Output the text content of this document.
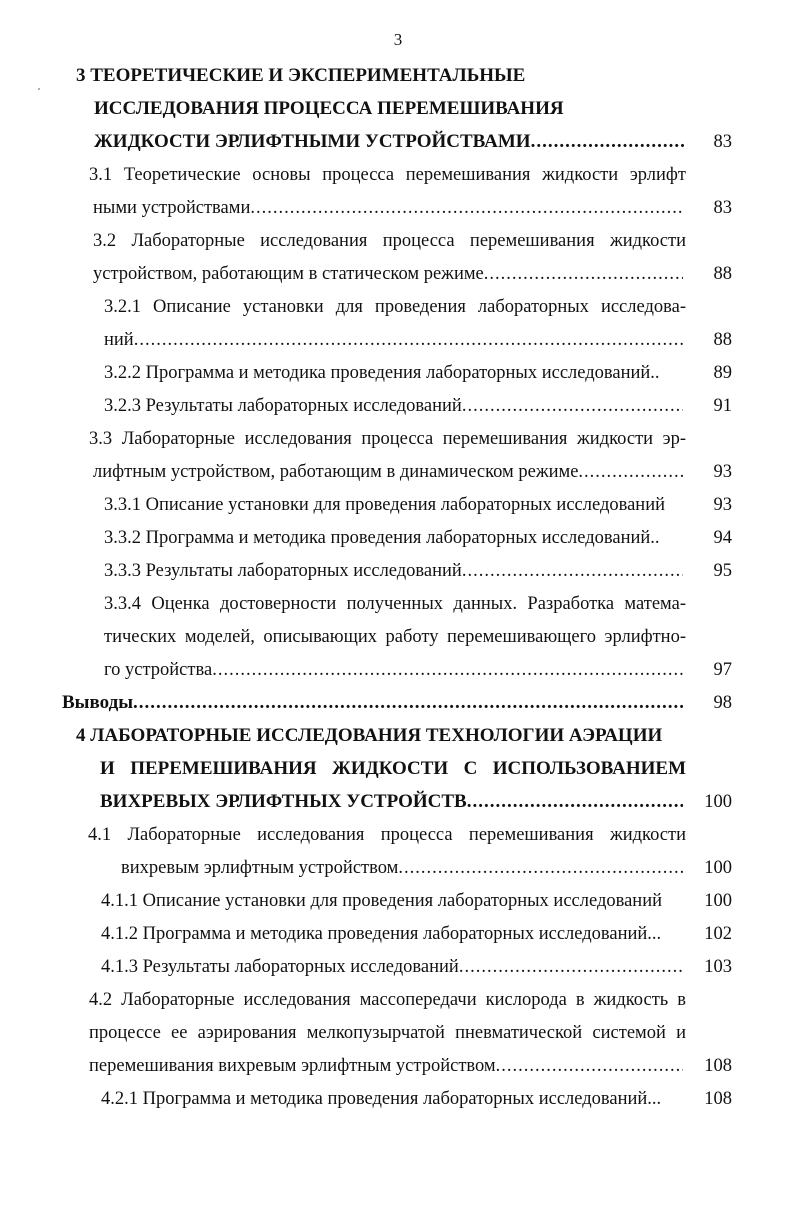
3
3 ТЕОРЕТИЧЕСКИЕ И ЭКСПЕРИМЕНТАЛЬНЫЕ
ИССЛЕДОВАНИЯ ПРОЦЕССА ПЕРЕМЕШИВАНИЯ
ЖИДКОСТИ ЭРЛИФТНЫМИ УСТРОЙСТВАМИ .....	83
3.1 Теоретические основы процесса перемешивания жидкости эрлифт
ными устройствами .....	83
3.2 Лабораторные исследования процесса перемешивания жидкости
устройством, работающим в статическом режиме .....	88
3.2.1 Описание установки для проведения лабораторных исследова-
ний .....	88
3.2.2 Программа и методика проведения лабораторных исследований..	89
3.2.3 Результаты лабораторных исследований .....	91
3.3 Лабораторные исследования процесса перемешивания жидкости эр-
лифтным устройством, работающим в динамическом режиме .....	93
3.3.1 Описание установки для проведения лабораторных исследований	93
3.3.2 Программа и методика проведения лабораторных исследований..	94
3.3.3 Результаты лабораторных исследований .....	95
3.3.4 Оценка достоверности полученных данных. Разработка матема-
тических моделей, описывающих работу перемешивающего эрлифтно-
го устройства .....	97
Выводы .....	98
4 ЛАБОРАТОРНЫЕ ИССЛЕДОВАНИЯ ТЕХНОЛОГИИ АЭРАЦИИ
И ПЕРЕМЕШИВАНИЯ ЖИДКОСТИ С ИСПОЛЬЗОВАНИЕМ
ВИХРЕВЫХ ЭРЛИФТНЫХ УСТРОЙСТВ .....	100
4.1 Лабораторные исследования процесса перемешивания жидкости
вихревым эрлифтным устройством .....	100
4.1.1 Описание установки для проведения лабораторных исследований	100
4.1.2 Программа и методика проведения лабораторных исследований...	102
4.1.3 Результаты лабораторных исследований .....	103
4.2 Лабораторные исследования массопередачи кислорода в жидкость в
процессе ее аэрирования мелкопузырчатой пневматической системой и
перемешивания вихревым эрлифтным устройством .....	108
4.2.1 Программа и методика проведения лабораторных исследований...	108
